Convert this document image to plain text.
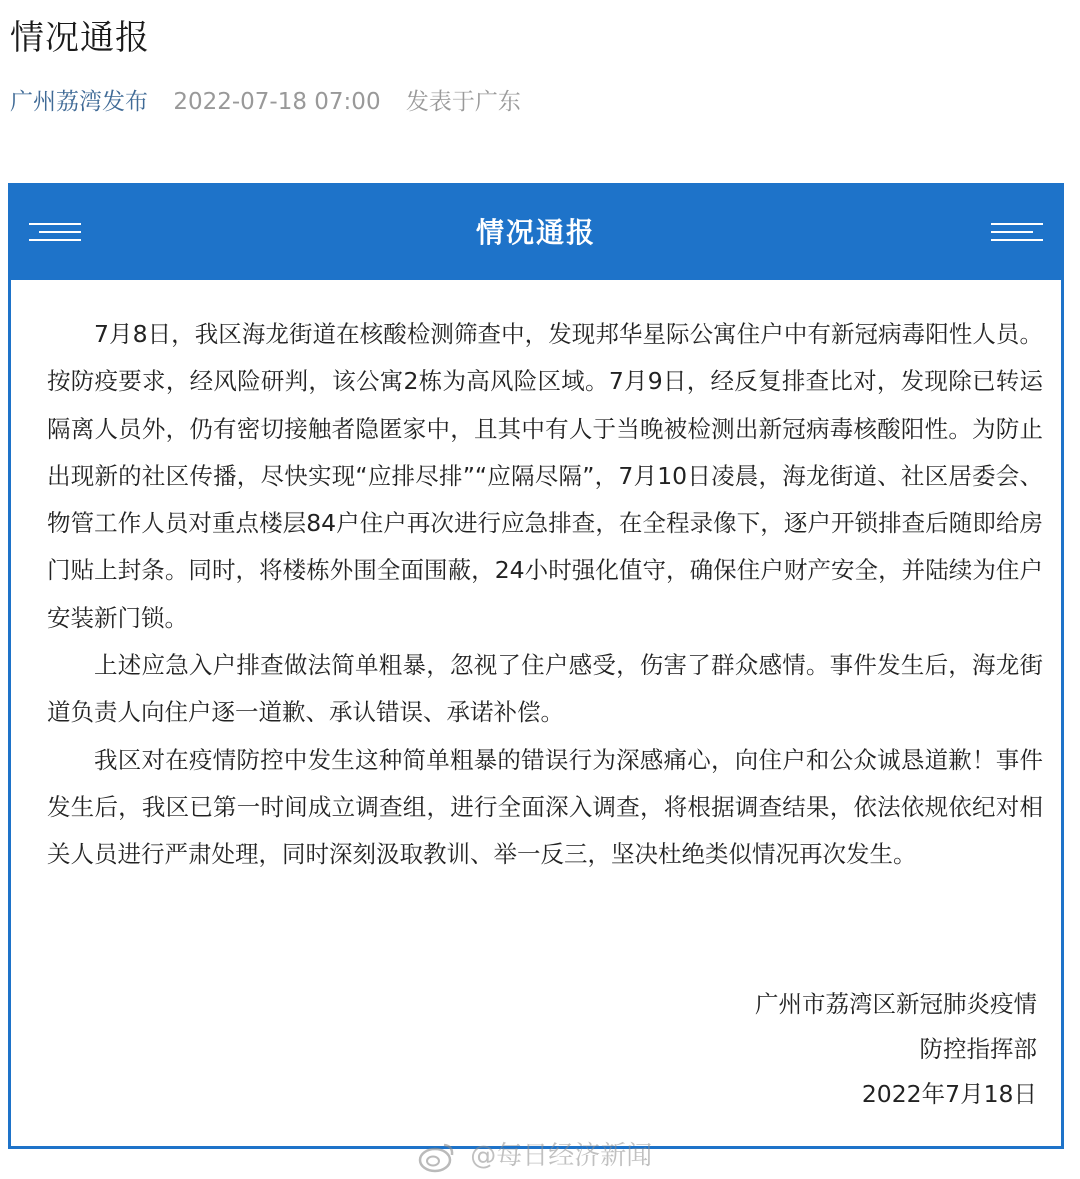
情况通报
广州荔湾发布 2022-07-18 07:00 发表于广东
情况通报

7月8日，我区海龙街道在核酸检测筛查中，发现邦华星际公寓住户中有新冠病毒阳性人员。按防疫要求，经风险研判，该公寓2栋为高风险区域。7月9日，经反复排查比对，发现除已转运隔离人员外，仍有密切接触者隐匿家中，且其中有人于当晚被检测出新冠病毒核酸阳性。为防止出现新的社区传播，尽快实现“应排尽排”“应隔尽隔”，7月10日凌晨，海龙街道、社区居委会、物管工作人员对重点楼层84户住户再次进行应急排查，在全程录像下，逐户开锁排查后随即给房门贴上封条。同时，将楼栋外围全面围蔽，24小时强化值守，确保住户财产安全，并陆续为住户安装新门锁。

上述应急入户排查做法简单粗暴，忽视了住户感受，伤害了群众感情。事件发生后，海龙街道负责人向住户逐一道歉、承认错误、承诺补偿。

我区对在疫情防控中发生这种简单粗暴的错误行为深感痛心，向住户和公众诚恳道歉！事件发生后，我区已第一时间成立调查组，进行全面深入调查，将根据调查结果，依法依规依纪对相关人员进行严肃处理，同时深刻汲取教训、举一反三，坚决杜绝类似情况再次发生。

广州市荔湾区新冠肺炎疫情
防控指挥部
2022年7月18日
@每日经济新闻
